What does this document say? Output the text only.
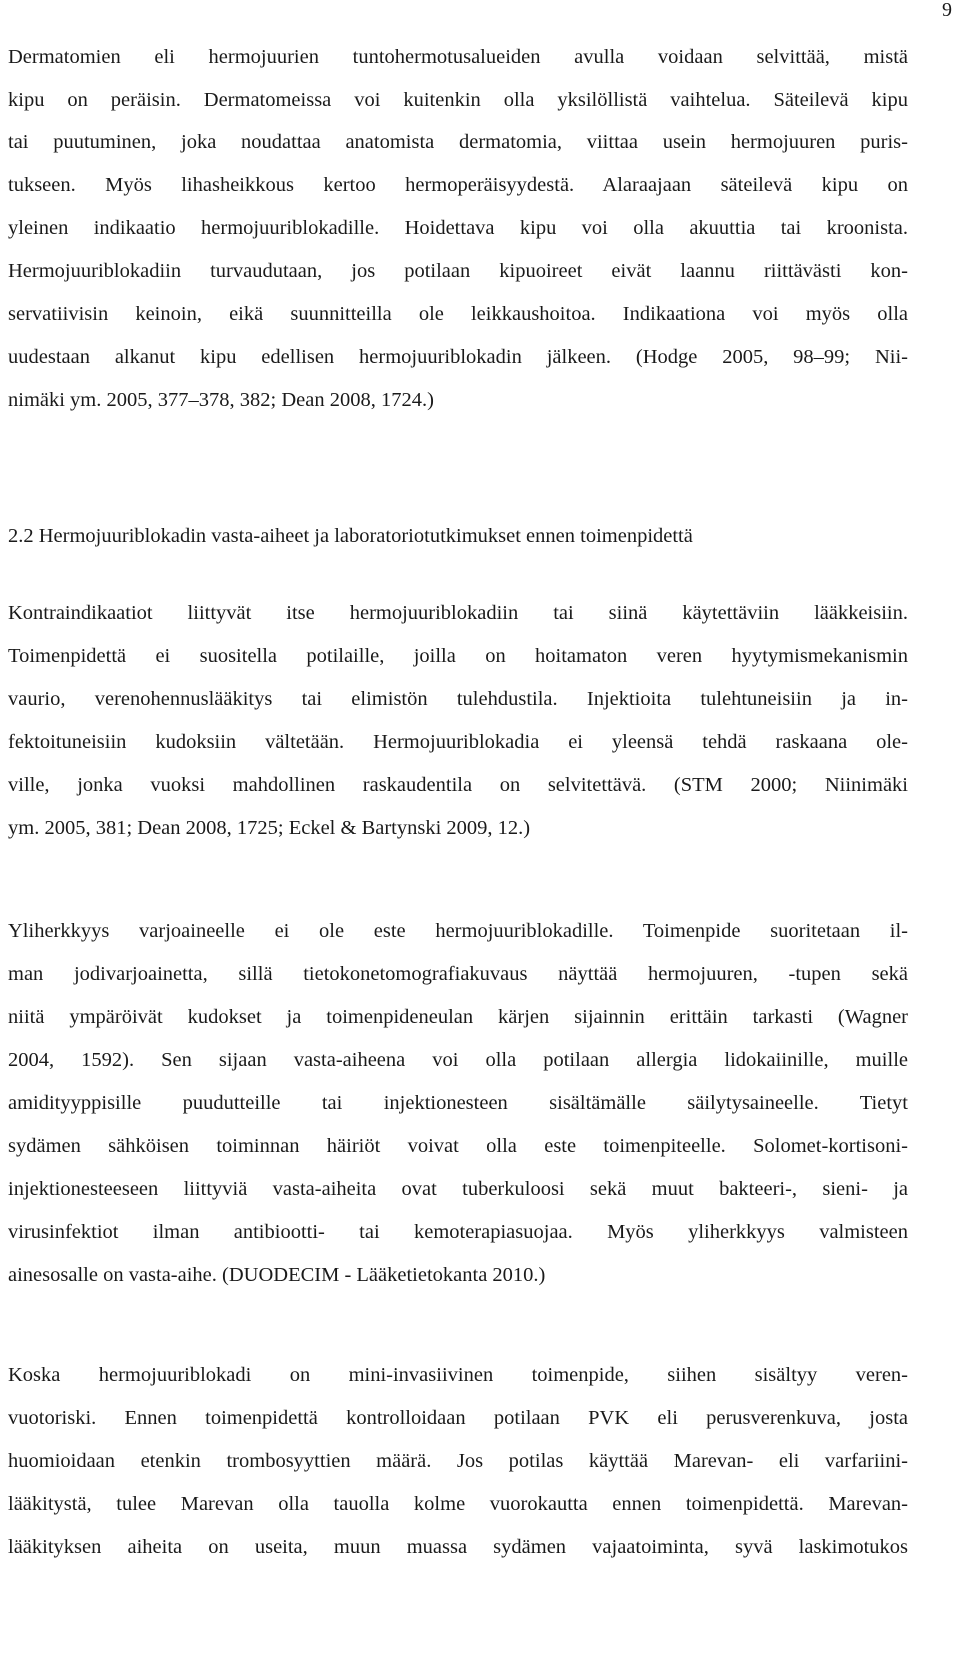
9
Dermatomien eli hermojuurien tuntohermotusalueiden avulla voidaan selvittää, mistä
kipu on peräisin. Dermatomeissa voi kuitenkin olla yksilöllistä vaihtelua. Säteilevä kipu
tai puutuminen, joka noudattaa anatomista dermatomia, viittaa usein hermojuuren puris-
tukseen. Myös lihasheikkous kertoo hermoperäisyydestä. Alaraajaan säteilevä kipu on
yleinen indikaatio hermojuuriblokadille. Hoidettava kipu voi olla akuuttia tai kroonista.
Hermojuuriblokadiin turvaudutaan, jos potilaan kipuoireet eivät laannu riittävästi kon-
servatiivisin keinoin, eikä suunnitteilla ole leikkaushoitoa. Indikaationa voi myös olla
uudestaan alkanut kipu edellisen hermojuuriblokadin jälkeen. (Hodge 2005, 98–99; Nii-
nimäki ym. 2005, 377–378, 382; Dean 2008, 1724.)
2.2 Hermojuuriblokadin vasta-aiheet ja laboratoriotutkimukset ennen toimenpidettä
Kontraindikaatiot liittyvät itse hermojuuriblokadiin tai siinä käytettäviin lääkkeisiin.
Toimenpidettä ei suositella potilaille, joilla on hoitamaton veren hyytymismekanismin
vaurio, verenohennuslääkitys tai elimistön tulehdustila. Injektioita tulehtuneisiin ja in-
fektoituneisiin kudoksiin vältetään. Hermojuuriblokadia ei yleensä tehdä raskaana ole-
ville, jonka vuoksi mahdollinen raskaudentila on selvitettävä. (STM 2000; Niinimäki
ym. 2005, 381; Dean 2008, 1725; Eckel & Bartynski 2009, 12.)
Yliherkkyys varjoaineelle ei ole este hermojuuriblokadille. Toimenpide suoritetaan il-
man jodivarjoainetta, sillä tietokonetomografiakuvaus näyttää hermojuuren, -tupen sekä
niitä ympäröivät kudokset ja toimenpideneulan kärjen sijainnin erittäin tarkasti (Wagner
2004, 1592). Sen sijaan vasta-aiheena voi olla potilaan allergia lidokaiinille, muille
amidityyppisille puudutteille tai injektionesteen sisältämälle säilytysaineelle. Tietyt
sydämen sähköisen toiminnan häiriöt voivat olla este toimenpiteelle. Solomet-kortisoni-
injektionesteeseen liittyviä vasta-aiheita ovat tuberkuloosi sekä muut bakteeri-, sieni- ja
virusinfektiot ilman antibiootti- tai kemoterapiasuojaa. Myös yliherkkyys valmisteen
ainesosalle on vasta-aihe. (DUODECIM - Lääketietokanta 2010.)
Koska hermojuuriblokadi on mini-invasiivinen toimenpide, siihen sisältyy veren-
vuotoriski. Ennen toimenpidettä kontrolloidaan potilaan PVK eli perusverenkuva, josta
huomioidaan etenkin trombosyyttien määrä. Jos potilas käyttää Marevan- eli varfariini-
lääkitystä, tulee Marevan olla tauolla kolme vuorokautta ennen toimenpidettä. Marevan-
lääkityksen aiheita on useita, muun muassa sydämen vajaatoiminta, syvä laskimotukos
